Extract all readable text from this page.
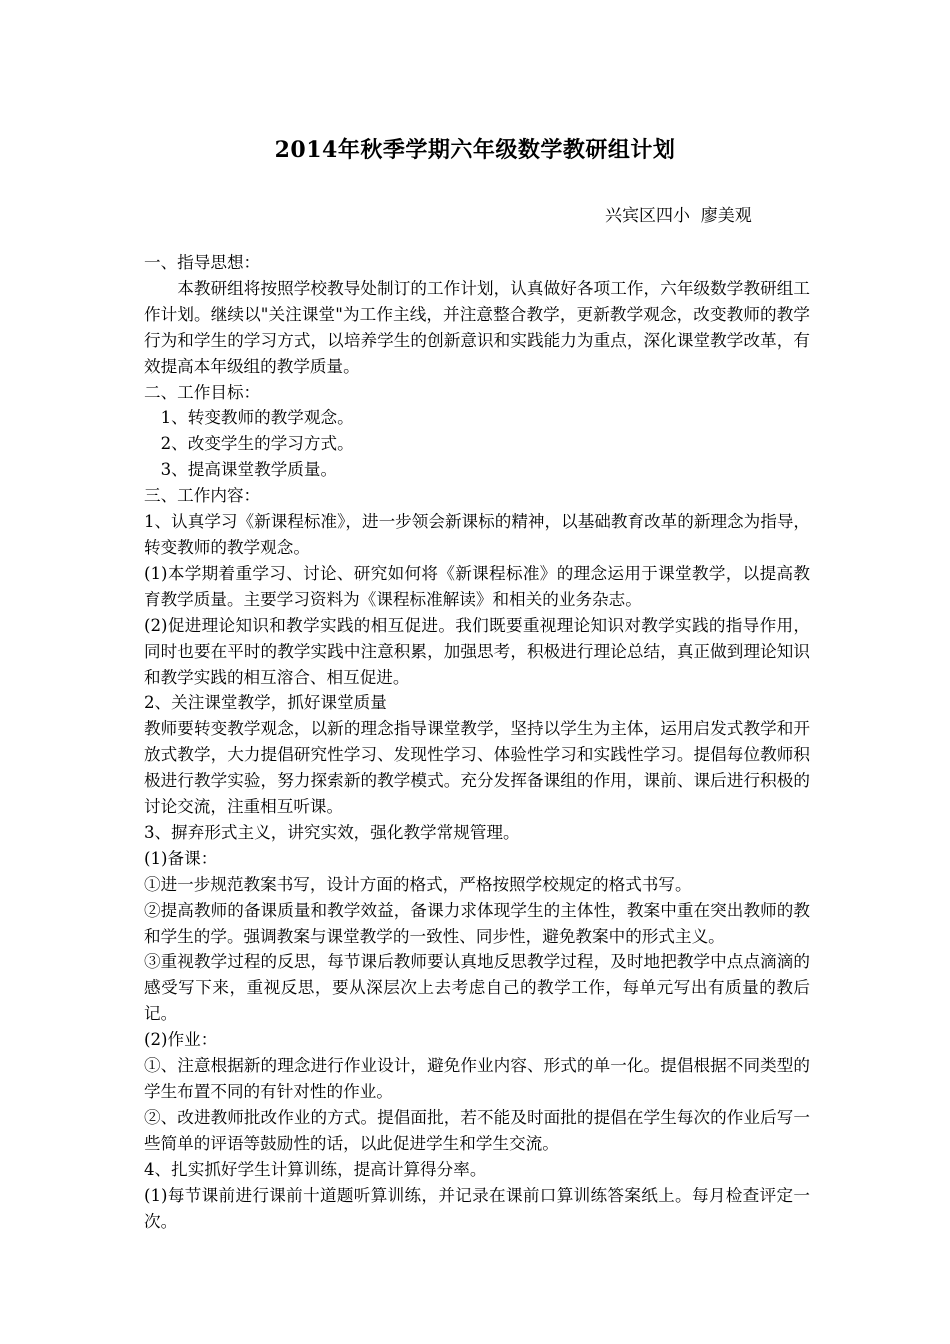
2014年秋季学期六年级数学教研组计划
兴宾区四小  廖美观

一、指导思想：

本教研组将按照学校教导处制订的工作计划，认真做好各项工作，六年级数学教研组工作计划。继续以"关注课堂"为工作主线，并注意整合教学，更新教学观念，改变教师的教学行为和学生的学习方式，以培养学生的创新意识和实践能力为重点，深化课堂教学改革，有效提高本年级组的教学质量。

二、工作目标：

1、转变教师的教学观念。

2、改变学生的学习方式。

3、提高课堂教学质量。

三、工作内容：

1、认真学习《新课程标准》，进一步领会新课标的精神，以基础教育改革的新理念为指导，转变教师的教学观念。

(1)本学期着重学习、讨论、研究如何将《新课程标准》的理念运用于课堂教学，以提高教育教学质量。主要学习资料为《课程标准解读》和相关的业务杂志。

(2)促进理论知识和教学实践的相互促进。我们既要重视理论知识对教学实践的指导作用，同时也要在平时的教学实践中注意积累，加强思考，积极进行理论总结，真正做到理论知识和教学实践的相互溶合、相互促进。

2、关注课堂教学，抓好课堂质量

教师要转变教学观念，以新的理念指导课堂教学，坚持以学生为主体，运用启发式教学和开放式教学，大力提倡研究性学习、发现性学习、体验性学习和实践性学习。提倡每位教师积极进行教学实验，努力探索新的教学模式。充分发挥备课组的作用，课前、课后进行积极的讨论交流，注重相互听课。

3、摒弃形式主义，讲究实效，强化教学常规管理。

(1)备课：

①进一步规范教案书写，设计方面的格式，严格按照学校规定的格式书写。

②提高教师的备课质量和教学效益，备课力求体现学生的主体性，教案中重在突出教师的教和学生的学。强调教案与课堂教学的一致性、同步性，避免教案中的形式主义。

③重视教学过程的反思，每节课后教师要认真地反思教学过程，及时地把教学中点点滴滴的感受写下来，重视反思，要从深层次上去考虑自己的教学工作，每单元写出有质量的教后记。

(2)作业：

①、注意根据新的理念进行作业设计，避免作业内容、形式的单一化。提倡根据不同类型的学生布置不同的有针对性的作业。

②、改进教师批改作业的方式。提倡面批，若不能及时面批的提倡在学生每次的作业后写一些简单的评语等鼓励性的话，以此促进学生和学生交流。

4、扎实抓好学生计算训练，提高计算得分率。

(1)每节课前进行课前十道题听算训练，并记录在课前口算训练答案纸上。每月检查评定一次。
